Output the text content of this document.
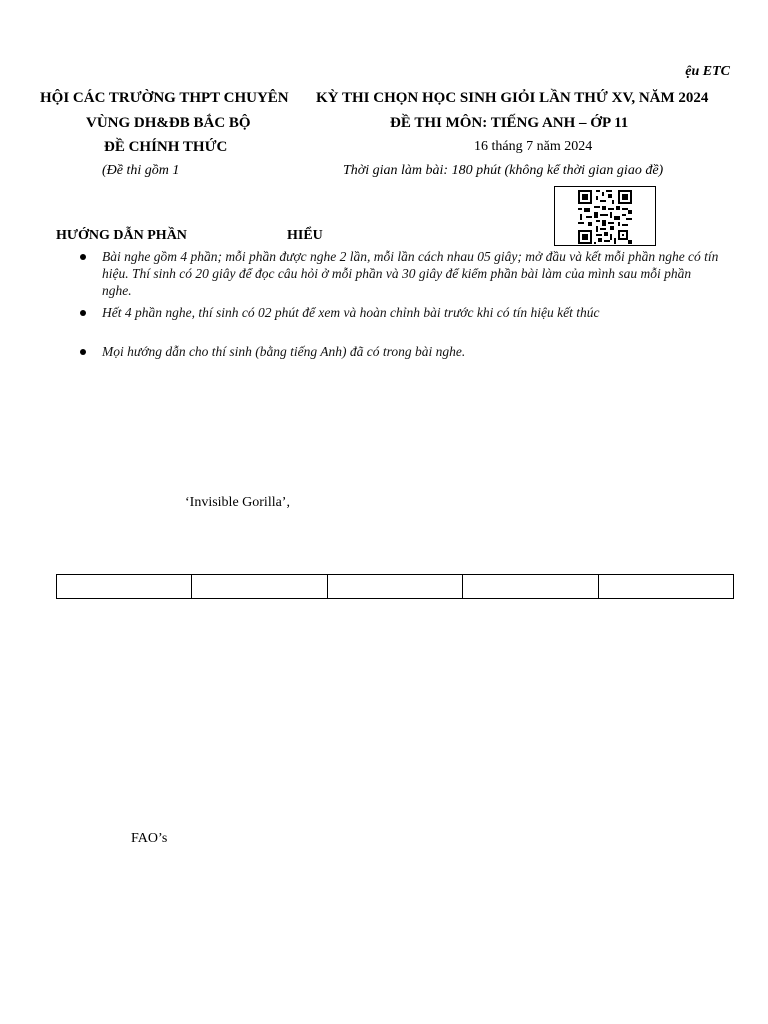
ệu ETC
HỘI CÁC TRƯỜNG THPT CHUYÊN
VÙNG DH&ĐB BẮC BỘ
ĐỀ CHÍNH THỨC
(Đề thi gồm 1
KỲ THI CHỌN HỌC SINH GIỎI LẦN THỨ XV, NĂM 2024
ĐỀ THI MÔN: TIẾNG ANH – ỚP 11
16 tháng 7 năm 2024
Thời gian làm bài: 180 phút (không kể thời gian giao đề)
HƯỚNG DẪN PHẦN	HIỂU
Bài nghe gồm 4 phần; mỗi phần được nghe 2 lần, mỗi lần cách nhau 05 giây; mở đầu và kết mỗi phần nghe có tín hiệu. Thí sinh có 20 giây để đọc câu hỏi ở mỗi phần và 30 giây để kiểm phần bài làm của mình sau mỗi phần nghe.
Hết 4 phần nghe, thí sinh có 02 phút để xem và hoàn chỉnh bài trước khi có tín hiệu kết thúc
Mọi hướng dẫn cho thí sinh (bằng tiếng Anh) đã có trong bài nghe.
‘Invisible Gorilla’,

FAO’s
